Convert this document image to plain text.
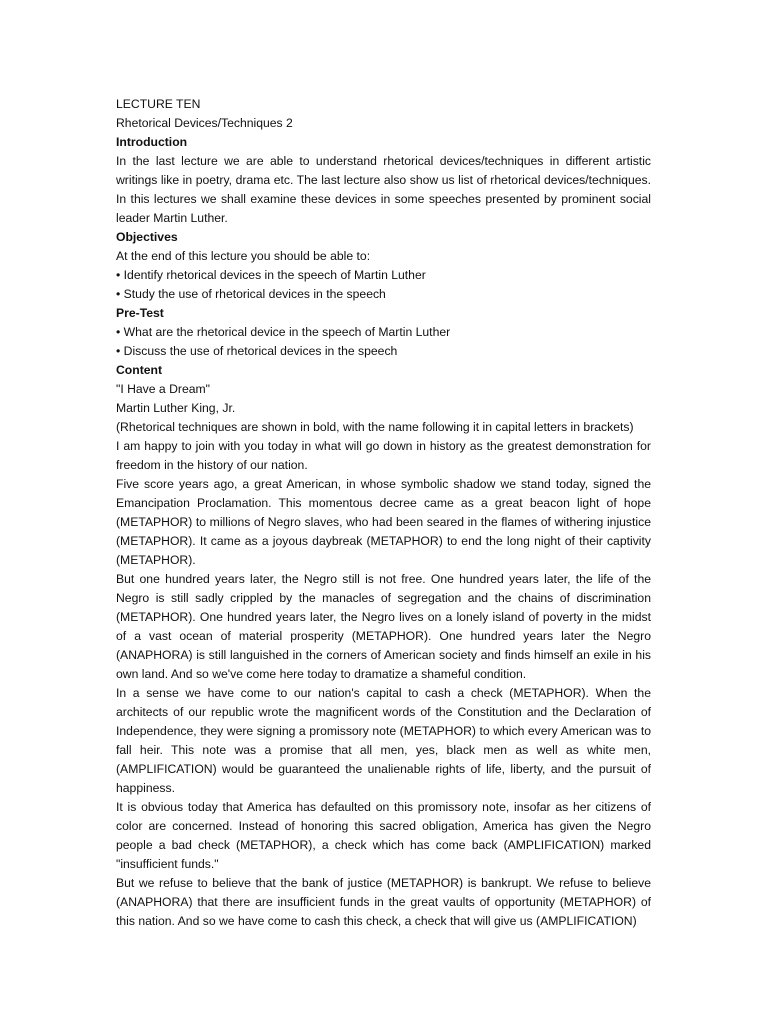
LECTURE TEN

Rhetorical Devices/Techniques 2

Introduction

In the last lecture we are able to understand rhetorical devices/techniques in different artistic writings like in poetry, drama etc. The last lecture also show us list of rhetorical devices/techniques. In this lectures we shall examine these devices in some speeches presented by prominent social leader Martin Luther.

Objectives

At the end of this lecture you should be able to:

• Identify rhetorical devices in the speech of Martin Luther

• Study the use of rhetorical devices in the speech

Pre-Test

• What are the rhetorical device in the speech of Martin Luther

• Discuss the use of rhetorical devices in the speech

Content

"I Have a Dream"

Martin Luther King, Jr.

(Rhetorical techniques are shown in bold, with the name following it in capital letters in brackets)

I am happy to join with you today in what will go down in history as the greatest demonstration for freedom in the history of our nation.

Five score years ago, a great American, in whose symbolic shadow we stand today, signed the Emancipation Proclamation. This momentous decree came as a great beacon light of hope (METAPHOR) to millions of Negro slaves, who had been seared in the flames of withering injustice (METAPHOR). It came as a joyous daybreak (METAPHOR) to end the long night of their captivity (METAPHOR).

But one hundred years later, the Negro still is not free. One hundred years later, the life of the Negro is still sadly crippled by the manacles of segregation and the chains of discrimination (METAPHOR). One hundred years later, the Negro lives on a lonely island of poverty in the midst of a vast ocean of material prosperity (METAPHOR). One hundred years later the Negro (ANAPHORA) is still languished in the corners of American society and finds himself an exile in his own land. And so we've come here today to dramatize a shameful condition.

In a sense we have come to our nation's capital to cash a check (METAPHOR). When the architects of our republic wrote the magnificent words of the Constitution and the Declaration of Independence, they were signing a promissory note (METAPHOR) to which every American was to fall heir. This note was a promise that all men, yes, black men as well as white men, (AMPLIFICATION) would be guaranteed the unalienable rights of life, liberty, and the pursuit of happiness.

It is obvious today that America has defaulted on this promissory note, insofar as her citizens of color are concerned. Instead of honoring this sacred obligation, America has given the Negro people a bad check (METAPHOR), a check which has come back (AMPLIFICATION) marked "insufficient funds."

But we refuse to believe that the bank of justice (METAPHOR) is bankrupt. We refuse to believe (ANAPHORA) that there are insufficient funds in the great vaults of opportunity (METAPHOR) of this nation. And so we have come to cash this check, a check that will give us (AMPLIFICATION)
